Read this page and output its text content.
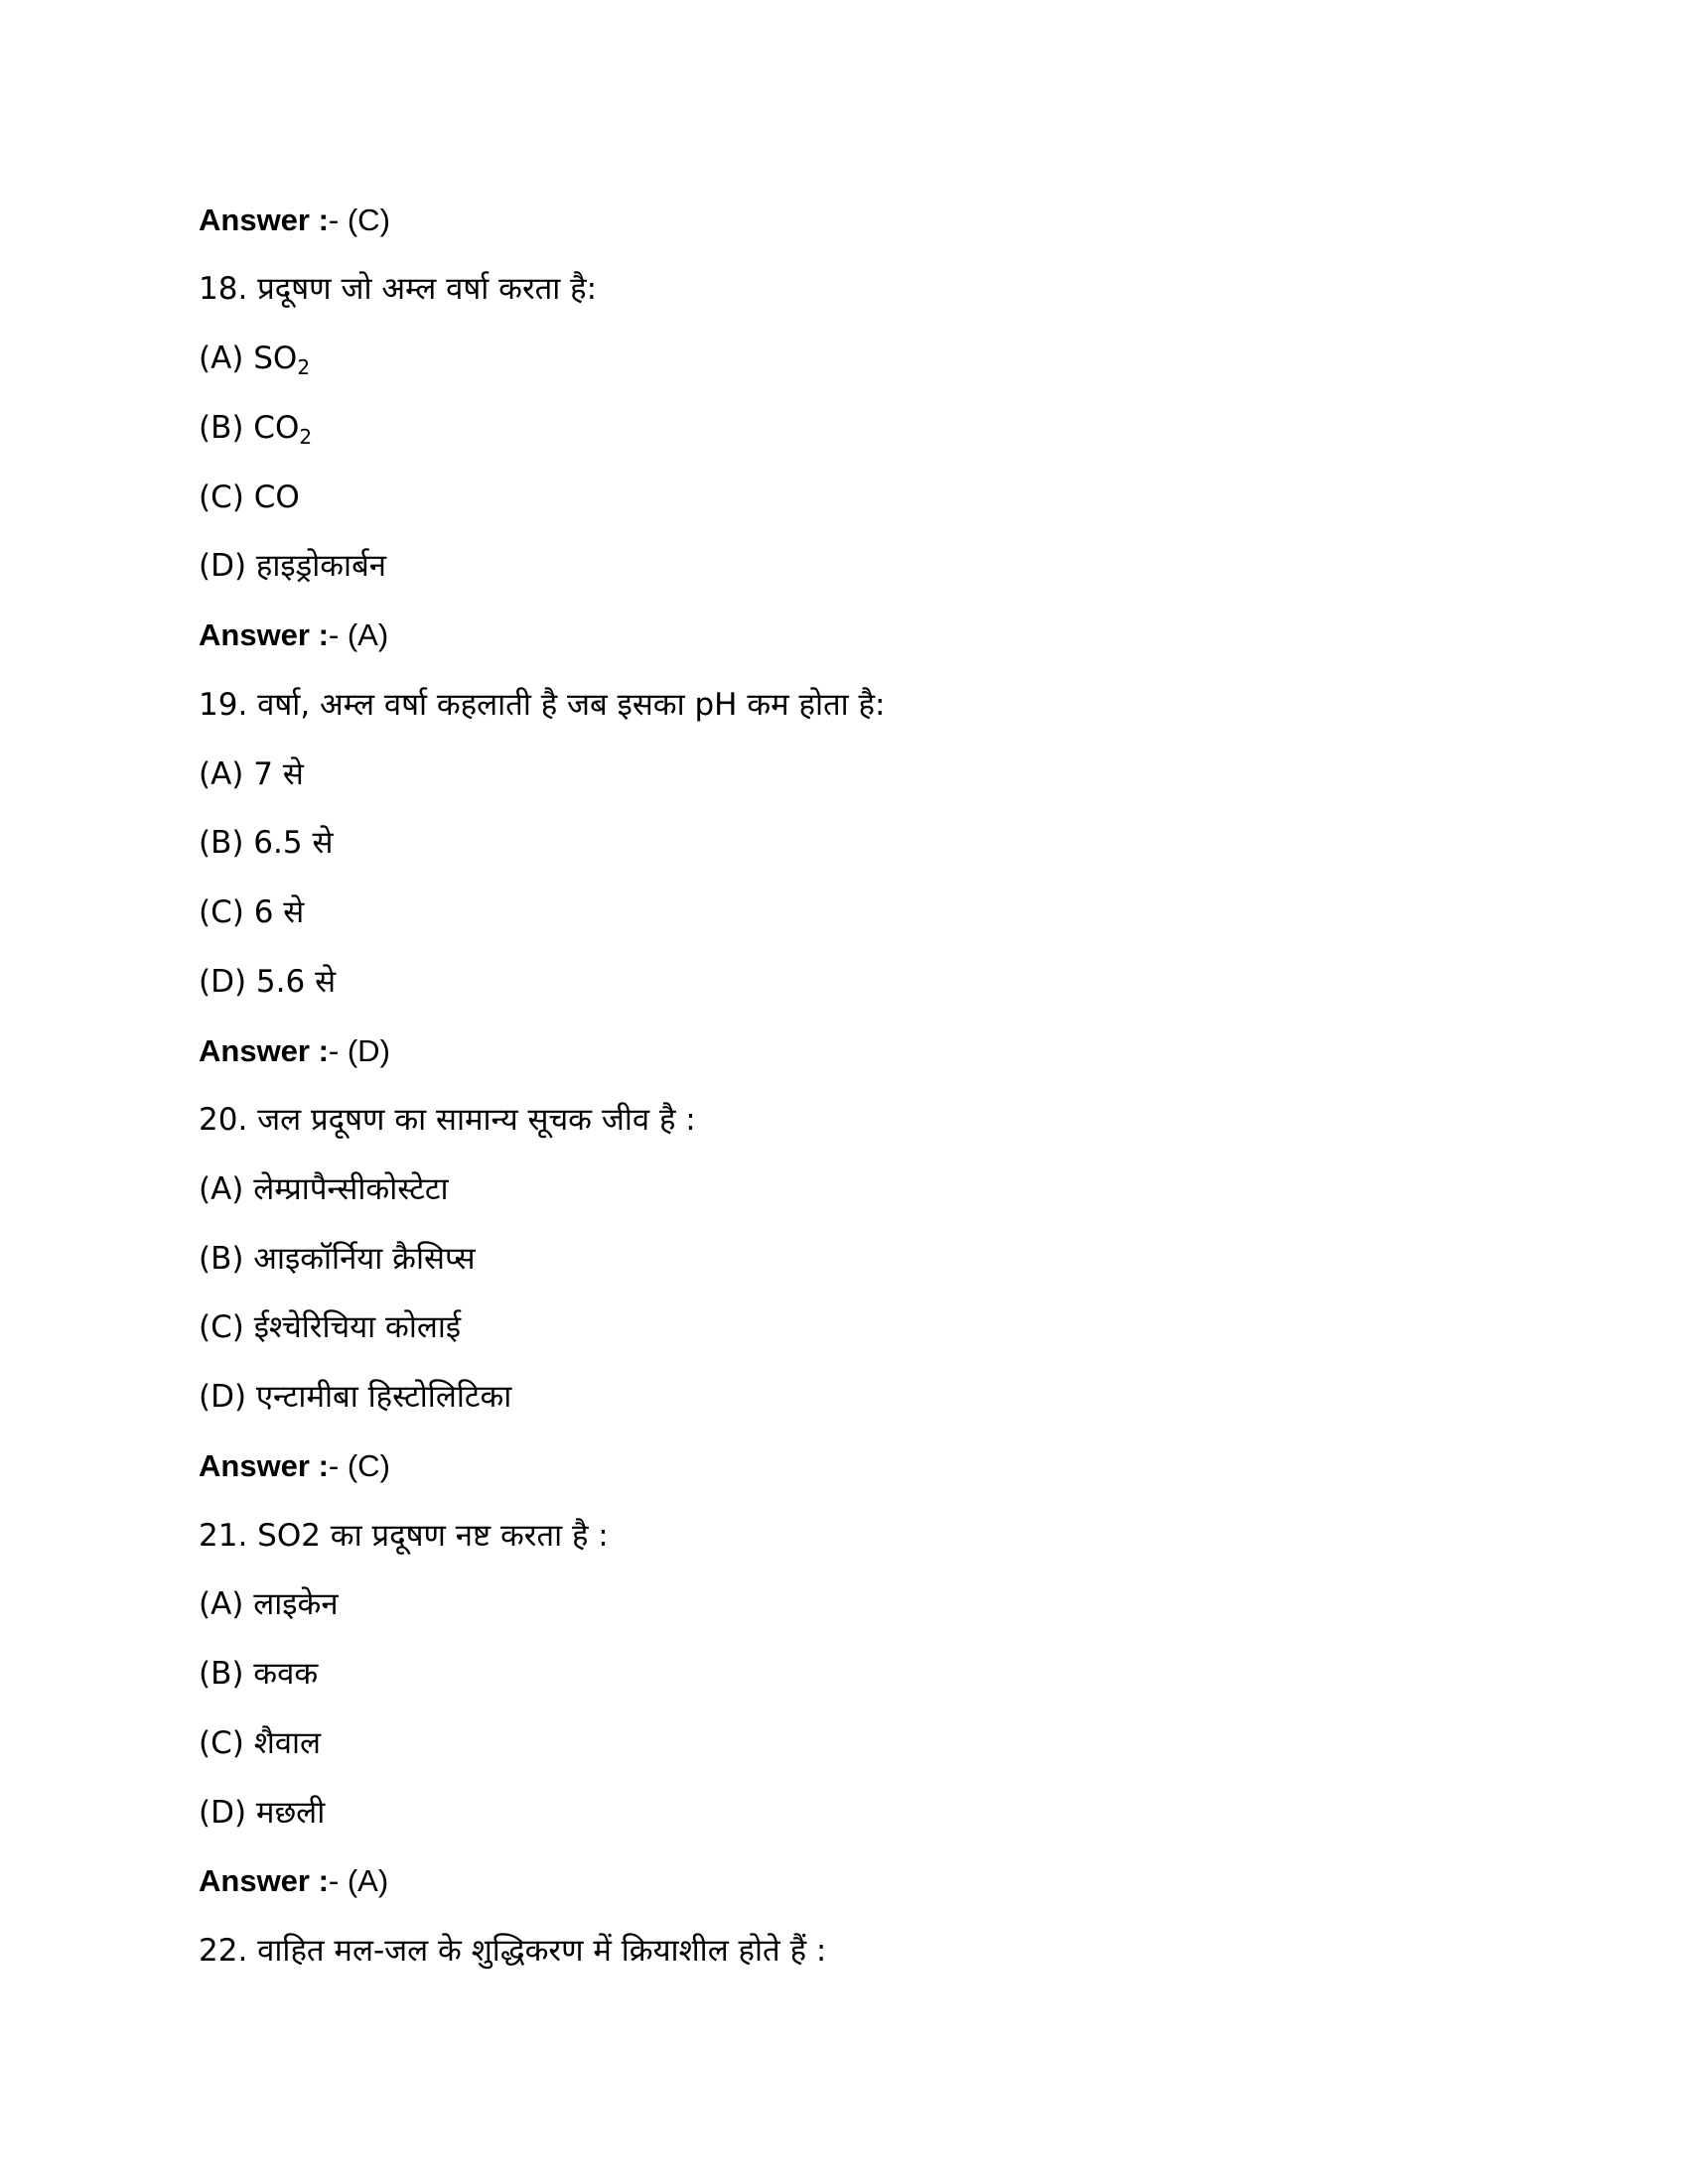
Answer :- (C)
18. प्रदूषण जो अम्ल वर्षा करता है:
(A) $SO_2$
(B) $CO_2$
(C) CO
(D) हाइड्रोकार्बन
Answer :- (A)
19. वर्षा, अम्ल वर्षा कहलाती है जब इसका pH कम होता है:
(A) 7 से
(B) 6.5 से
(C) 6 से
(D) 5.6 से
Answer :- (D)
20. जल प्रदूषण का सामान्य सूचक जीव है :
(A) लेम्प्रापैन्सीकोस्टेटा
(B) आइकॉर्निया क्रैसिप्स
(C) ईश्चेरिचिया कोलाई
(D) एन्टामीबा हिस्टोलिटिका
Answer :- (C)
21. SO2 का प्रदूषण नष्ट करता है :
(A) लाइकेन
(B) कवक
(C) शैवाल
(D) मछली
Answer :- (A)
22. वाहित मल-जल के शुद्धिकरण में क्रियाशील होते हैं :
